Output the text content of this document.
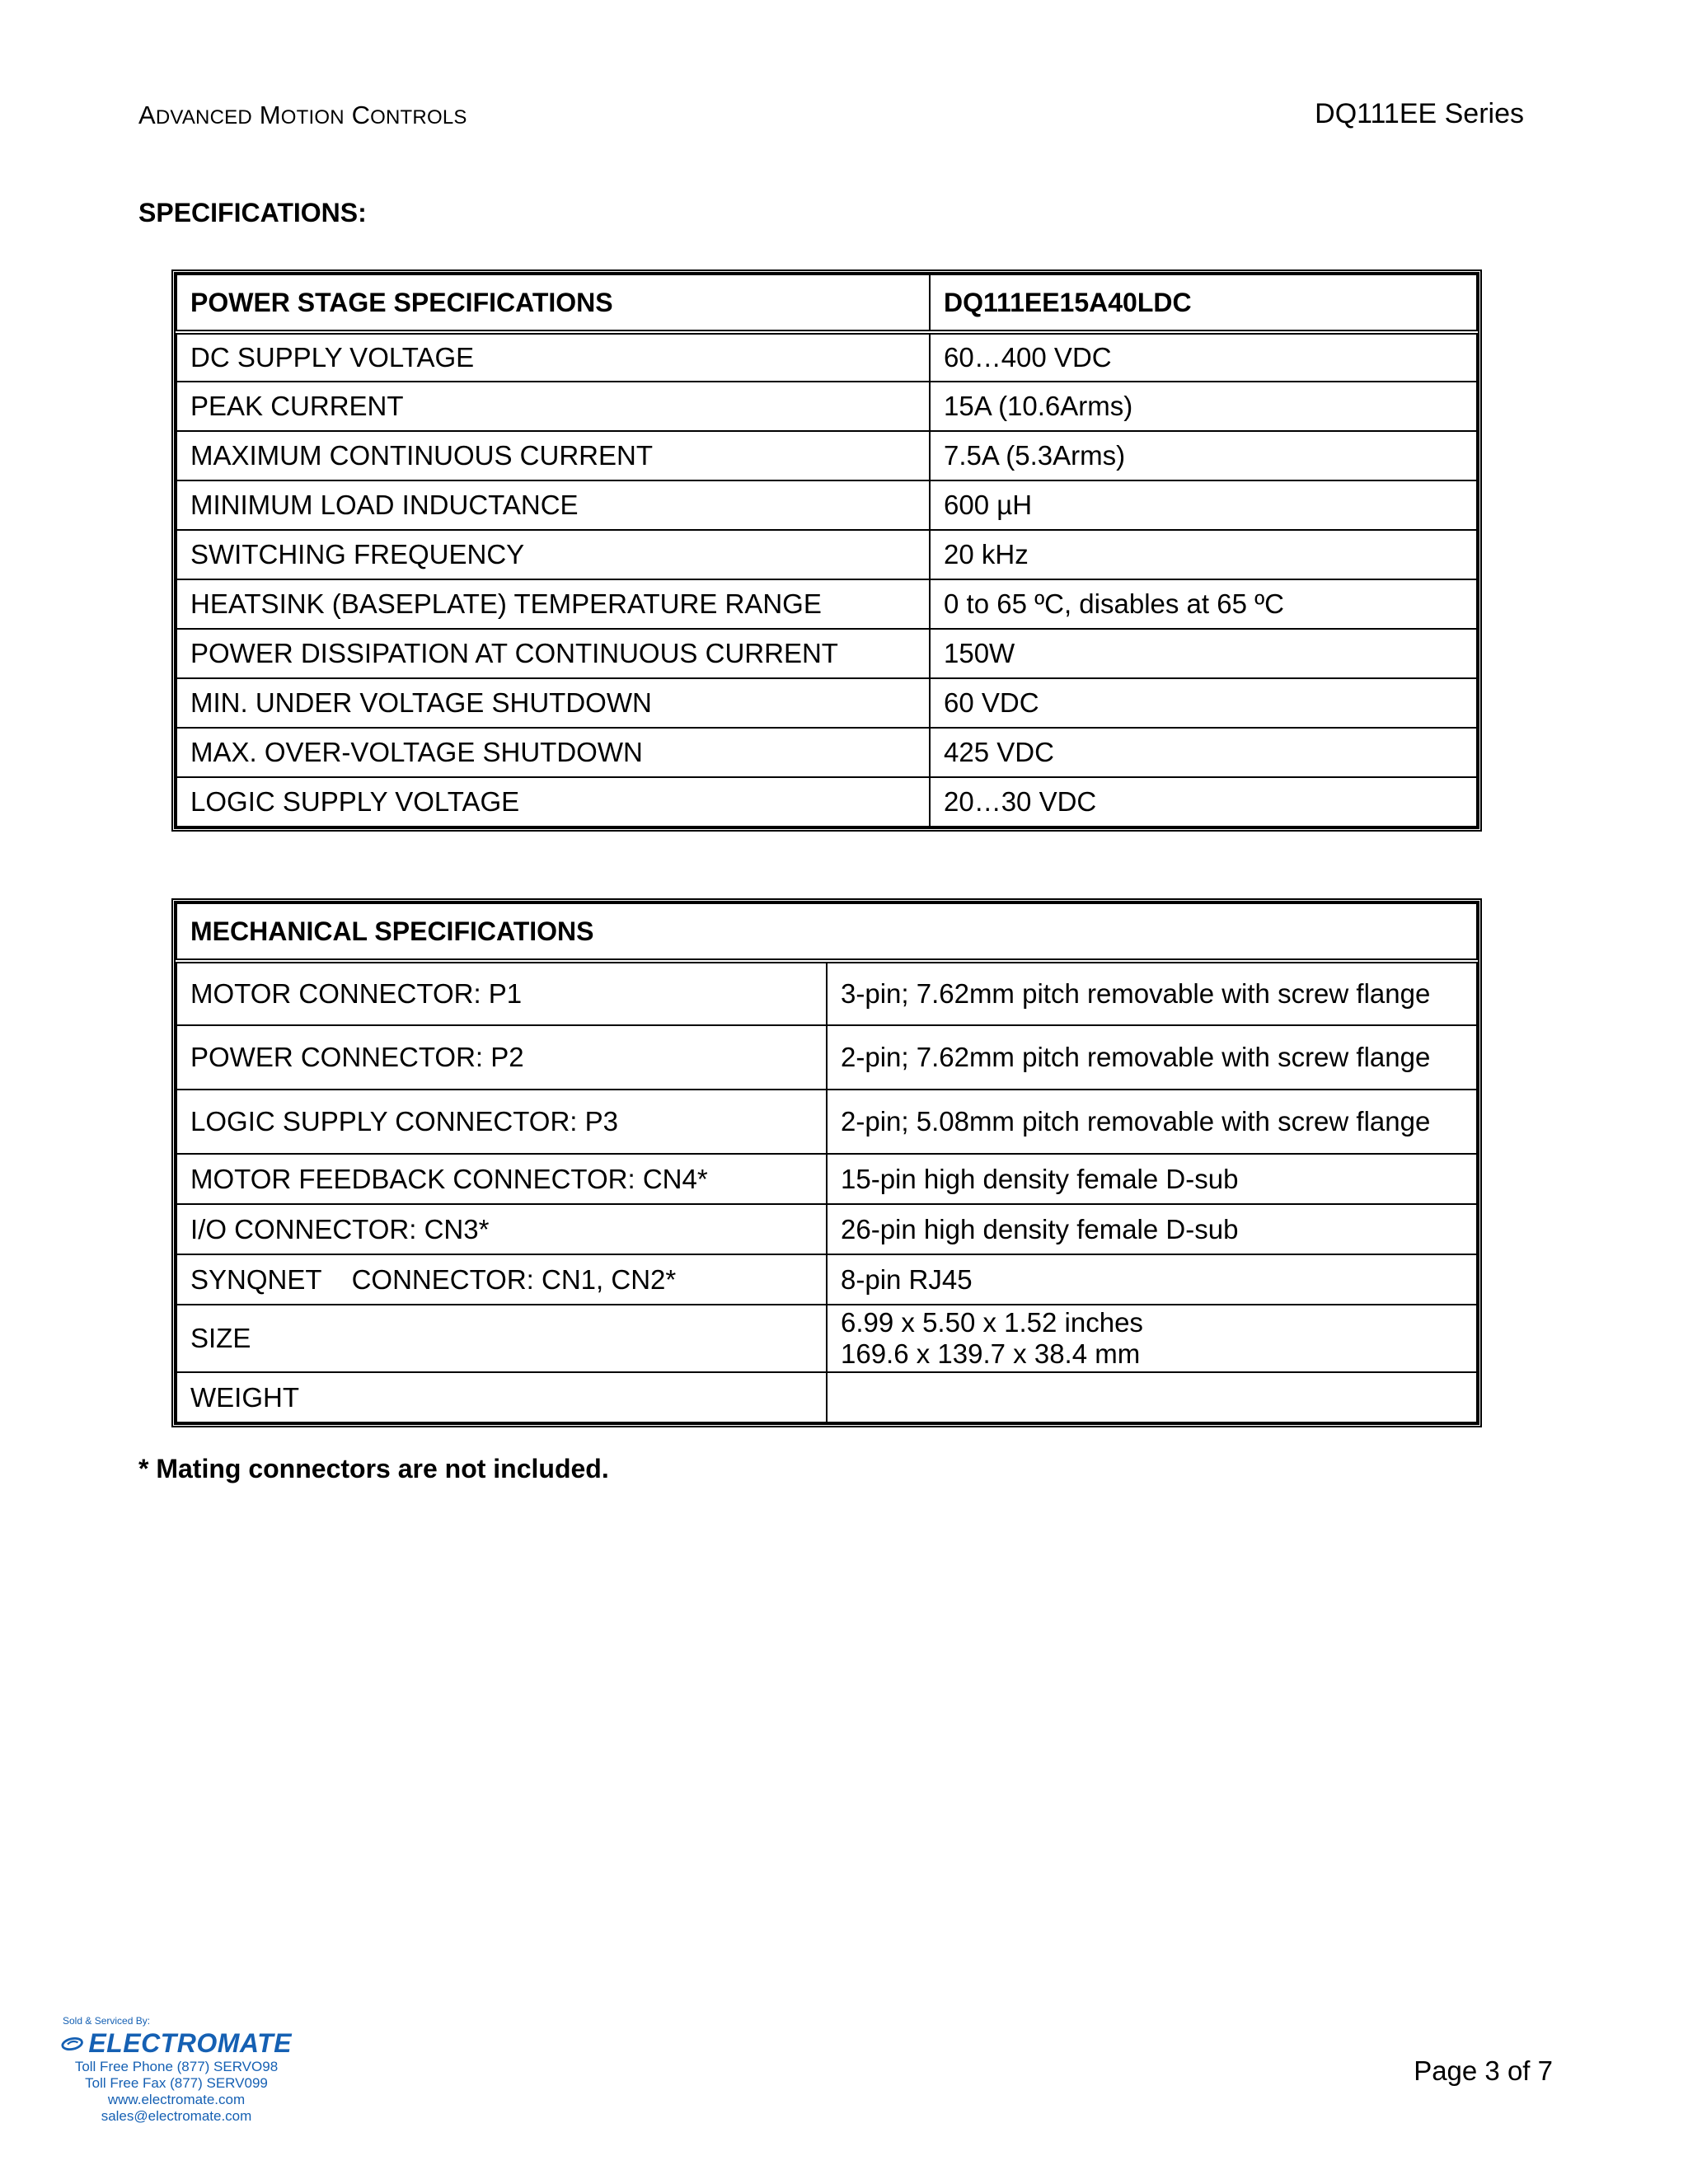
ADVANCED MOTION CONTROLS	DQ111EE Series
SPECIFICATIONS:
POWER STAGE SPECIFICATIONS	DQ111EE15A40LDC
DC SUPPLY VOLTAGE	60…400 VDC
PEAK CURRENT	15A (10.6Arms)
MAXIMUM CONTINUOUS CURRENT	7.5A (5.3Arms)
MINIMUM LOAD INDUCTANCE	600 µH
SWITCHING FREQUENCY	20 kHz
HEATSINK (BASEPLATE) TEMPERATURE RANGE	0 to 65 ºC, disables at 65 ºC
POWER DISSIPATION AT CONTINUOUS CURRENT	150W
MIN. UNDER VOLTAGE SHUTDOWN	60 VDC
MAX. OVER-VOLTAGE SHUTDOWN	425 VDC
LOGIC SUPPLY VOLTAGE	20…30 VDC
MECHANICAL SPECIFICATIONS	
MOTOR CONNECTOR: P1	3-pin; 7.62mm pitch removable with screw flange
POWER CONNECTOR: P2	2-pin; 7.62mm pitch removable with screw flange
LOGIC SUPPLY CONNECTOR: P3	2-pin; 5.08mm pitch removable with screw flange
MOTOR FEEDBACK CONNECTOR: CN4*	15-pin high density female D-sub
I/O CONNECTOR: CN3*	26-pin high density female D-sub
SYNQNET    CONNECTOR: CN1, CN2*	8-pin RJ45
SIZE	6.99 x 5.50 x 1.52 inches
169.6 x 139.7 x 38.4 mm
WEIGHT	
* Mating connectors are not included.
Sold & Serviced By:
ELECTROMATE
Toll Free Phone (877) SERVO98
Toll Free Fax (877) SERV099
www.electromate.com
sales@electromate.com
Page 3 of 7
